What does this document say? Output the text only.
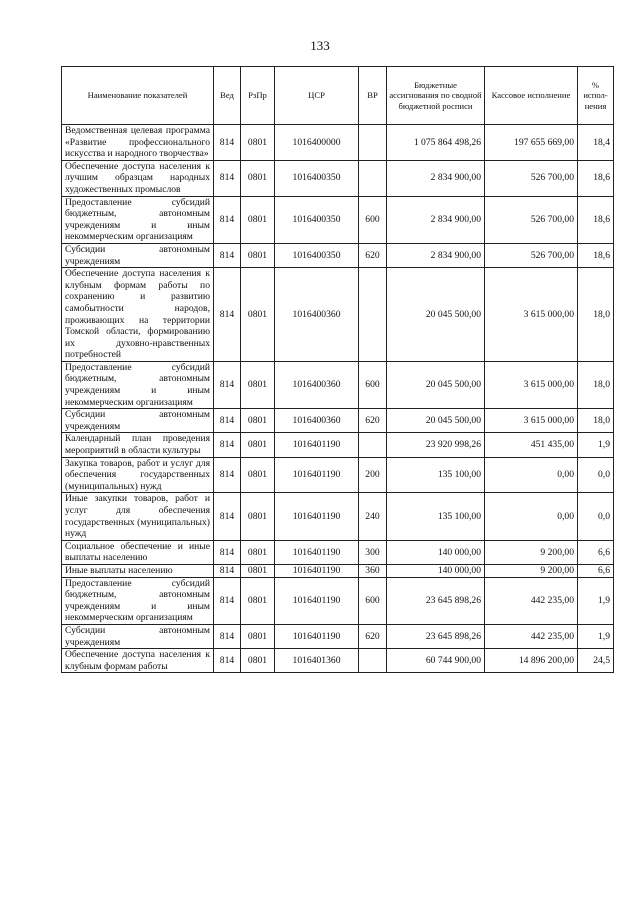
133
Наименование показателей	Вед	РзПр	ЦСР	ВР	Бюджетные ассигнования по сводной бюджетной росписи	Кассовое исполнение	% испол-нения
Ведомственная целевая программа «Развитие профессионального искусства и народного творчества»	814	0801	1016400000		1 075 864 498,26	197 655 669,00	18,4
Обеспечение доступа населения к лучшим образцам народных художественных промыслов	814	0801	1016400350		2 834 900,00	526 700,00	18,6
Предоставление субсидий бюджетным, автономным учреждениям и иным некоммерческим организациям	814	0801	1016400350	600	2 834 900,00	526 700,00	18,6
Субсидии автономным учреждениям	814	0801	1016400350	620	2 834 900,00	526 700,00	18,6
Обеспечение доступа населения к клубным формам работы по сохранению и развитию самобытности народов, проживающих на территории Томской области, формированию их духовно-нравственных потребностей	814	0801	1016400360		20 045 500,00	3 615 000,00	18,0
Предоставление субсидий бюджетным, автономным учреждениям и иным некоммерческим организациям	814	0801	1016400360	600	20 045 500,00	3 615 000,00	18,0
Субсидии автономным учреждениям	814	0801	1016400360	620	20 045 500,00	3 615 000,00	18,0
Календарный план проведения мероприятий в области культуры	814	0801	1016401190		23 920 998,26	451 435,00	1,9
Закупка товаров, работ и услуг для обеспечения государственных (муниципальных) нужд	814	0801	1016401190	200	135 100,00	0,00	0,0
Иные закупки товаров, работ и услуг для обеспечения государственных (муниципальных) нужд	814	0801	1016401190	240	135 100,00	0,00	0,0
Социальное обеспечение и иные выплаты населению	814	0801	1016401190	300	140 000,00	9 200,00	6,6
Иные выплаты населению	814	0801	1016401190	360	140 000,00	9 200,00	6,6
Предоставление субсидий бюджетным, автономным учреждениям и иным некоммерческим организациям	814	0801	1016401190	600	23 645 898,26	442 235,00	1,9
Субсидии автономным учреждениям	814	0801	1016401190	620	23 645 898,26	442 235,00	1,9
Обеспечение доступа населения к клубным формам работы	814	0801	1016401360		60 744 900,00	14 896 200,00	24,5
